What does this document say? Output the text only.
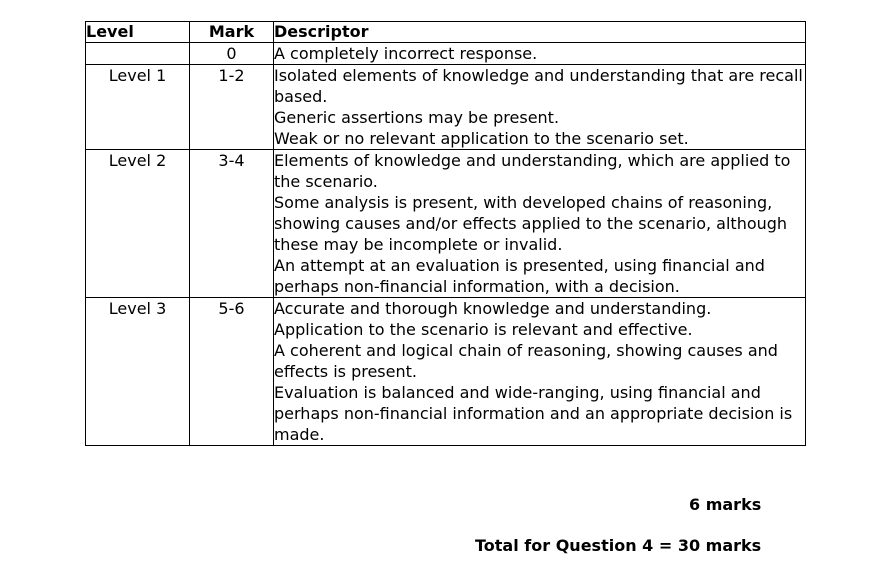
Level	Mark	Descriptor
	0	A completely incorrect response.

Level 1	1-2	Isolated elements of knowledge and understanding that are recall based.
Generic assertions may be present.
Weak or no relevant application to the scenario set.

Level 2	3-4	Elements of knowledge and understanding, which are applied to the scenario.
Some analysis is present, with developed chains of reasoning, showing causes and/or effects applied to the scenario, although these may be incomplete or invalid.
An attempt at an evaluation is presented, using financial and perhaps non-financial information, with a decision.

Level 3	5-6	Accurate and thorough knowledge and understanding.
Application to the scenario is relevant and effective.
A coherent and logical chain of reasoning, showing causes and effects is present.
Evaluation is balanced and wide-ranging, using financial and perhaps non-financial information and an appropriate decision is made.
6 marks
Total for Question 4 = 30 marks
